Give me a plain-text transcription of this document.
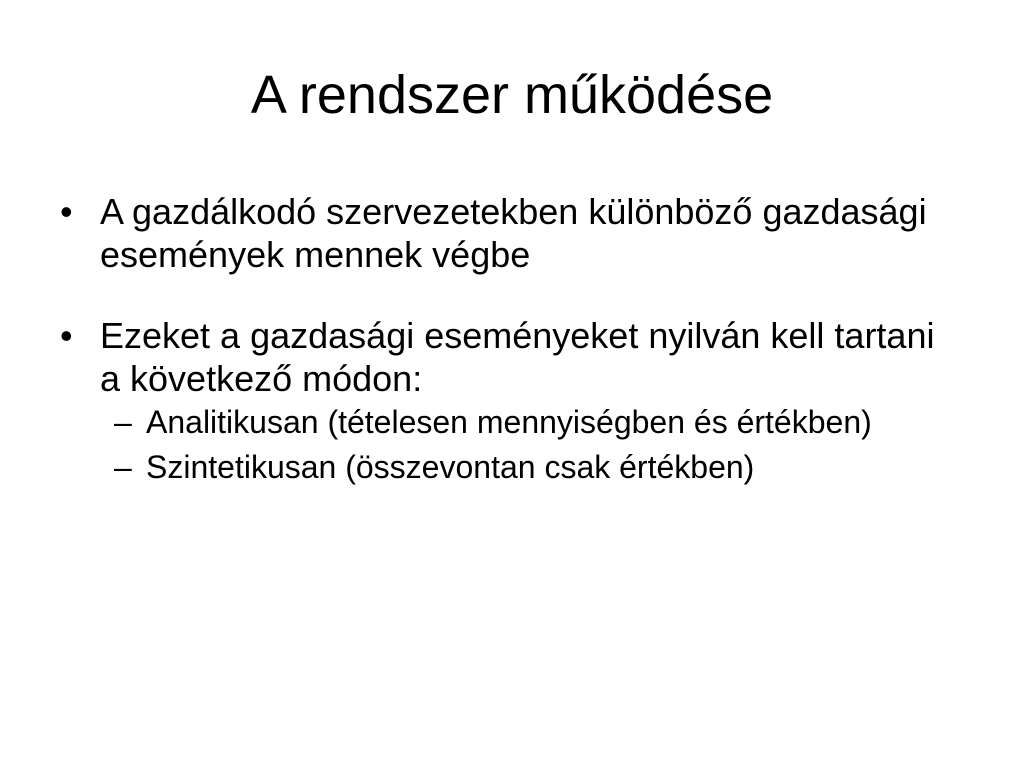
A rendszer működése
• A gazdálkodó szervezetekben különböző gazdasági események mennek végbe
• Ezeket a gazdasági eseményeket nyilván kell tartani a következő módon:
– Analitikusan (tételesen mennyiségben és értékben)
– Szintetikusan (összevontan csak értékben)
